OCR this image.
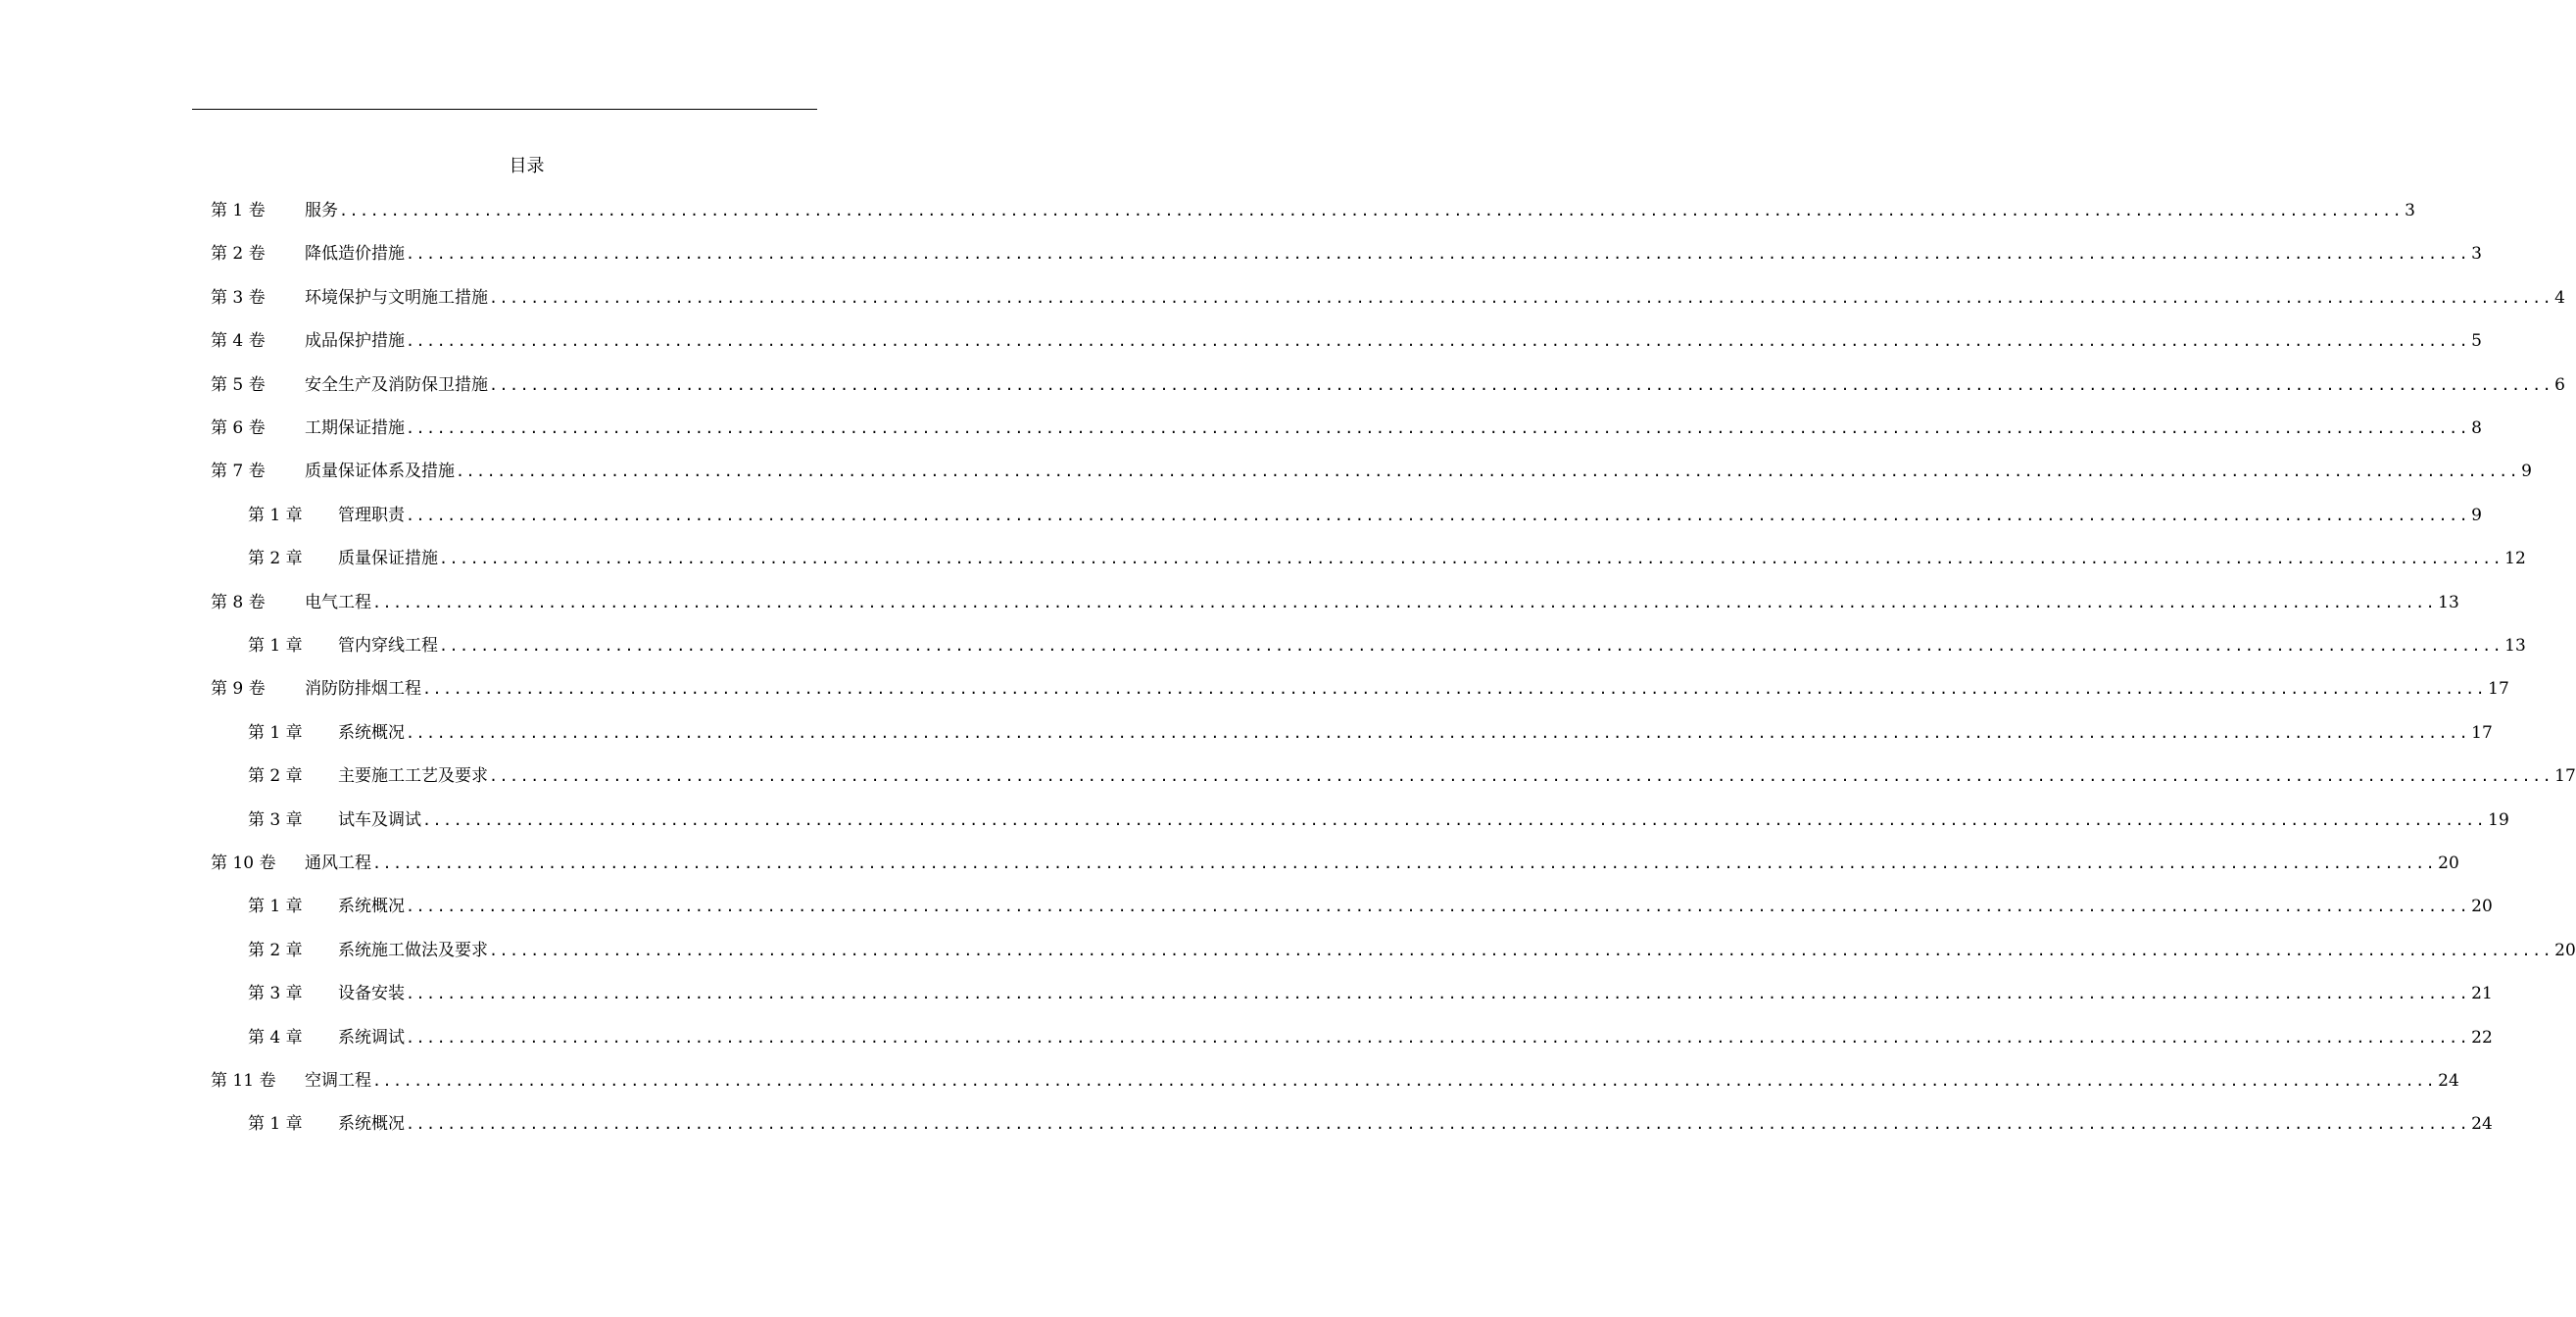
目录
第 1 卷	服务 ........................................................................................................................................................................................................ 3
第 2 卷	降低造价措施 ........................................................................................................................................................................................................ 3
第 3 卷	环境保护与文明施工措施 ........................................................................................................................................................................................................ 4
第 4 卷	成品保护措施 ........................................................................................................................................................................................................ 5
第 5 卷	安全生产及消防保卫措施 ........................................................................................................................................................................................................ 6
第 6 卷	工期保证措施 ........................................................................................................................................................................................................ 8
第 7 卷	质量保证体系及措施 ........................................................................................................................................................................................................ 9
第 1 章	管理职责 ........................................................................................................................................................................................................ 9
第 2 章	质量保证措施 ........................................................................................................................................................................................................ 12
第 8 卷	电气工程 ........................................................................................................................................................................................................ 13
第 1 章	管内穿线工程 ........................................................................................................................................................................................................ 13
第 9 卷	消防防排烟工程 ........................................................................................................................................................................................................ 17
第 1 章	系统概况 ........................................................................................................................................................................................................ 17
第 2 章	主要施工工艺及要求 ........................................................................................................................................................................................................ 17
第 3 章	试车及调试 ........................................................................................................................................................................................................ 19
第 10 卷	通风工程 ........................................................................................................................................................................................................ 20
第 1 章	系统概况 ........................................................................................................................................................................................................ 20
第 2 章	系统施工做法及要求 ........................................................................................................................................................................................................ 20
第 3 章	设备安装 ........................................................................................................................................................................................................ 21
第 4 章	系统调试 ........................................................................................................................................................................................................ 22
第 11 卷	空调工程 ........................................................................................................................................................................................................ 24
第 1 章	系统概况 ........................................................................................................................................................................................................ 24
